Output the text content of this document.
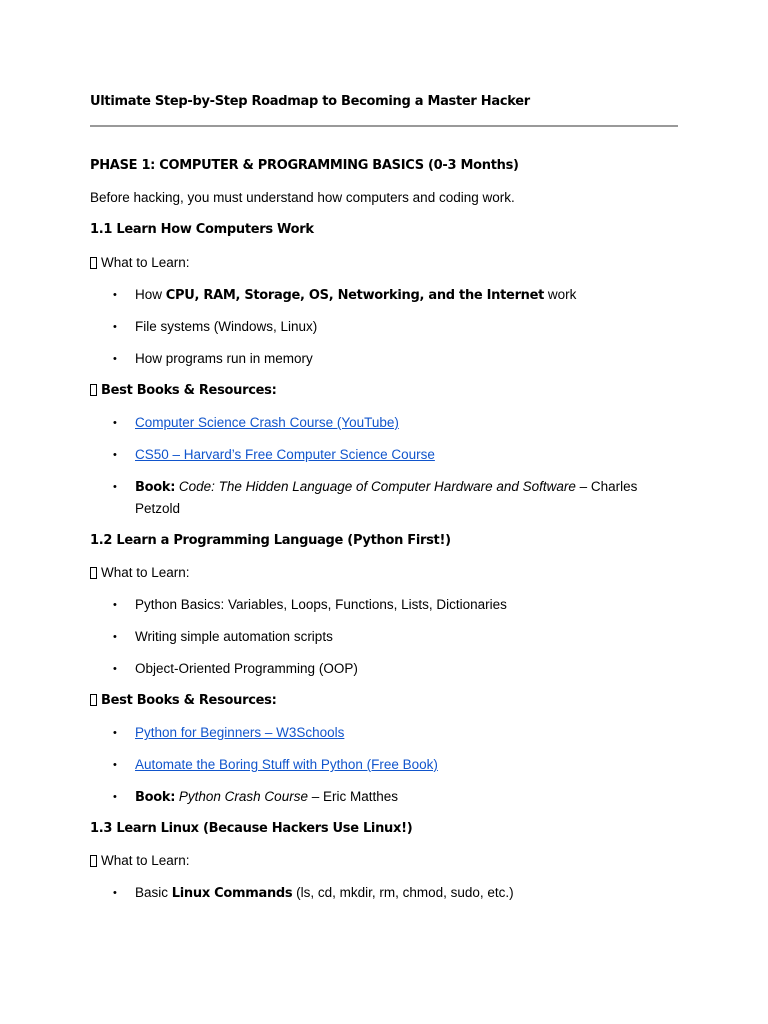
Ultimate Step-by-Step Roadmap to Becoming a Master Hacker
PHASE 1: COMPUTER & PROGRAMMING BASICS (0-3 Months)
Before hacking, you must understand how computers and coding work.
1.1 Learn How Computers Work
What to Learn:
•	How CPU, RAM, Storage, OS, Networking, and the Internet work
•	File systems (Windows, Linux)
•	How programs run in memory
Best Books & Resources:
•	Computer Science Crash Course (YouTube)
•	CS50 – Harvard’s Free Computer Science Course
•	Book: Code: The Hidden Language of Computer Hardware and Software – Charles Petzold
1.2 Learn a Programming Language (Python First!)
What to Learn:
•	Python Basics: Variables, Loops, Functions, Lists, Dictionaries
•	Writing simple automation scripts
•	Object-Oriented Programming (OOP)
Best Books & Resources:
•	Python for Beginners – W3Schools
•	Automate the Boring Stuff with Python (Free Book)
•	Book: Python Crash Course – Eric Matthes
1.3 Learn Linux (Because Hackers Use Linux!)
What to Learn:
•	Basic Linux Commands (ls, cd, mkdir, rm, chmod, sudo, etc.)
